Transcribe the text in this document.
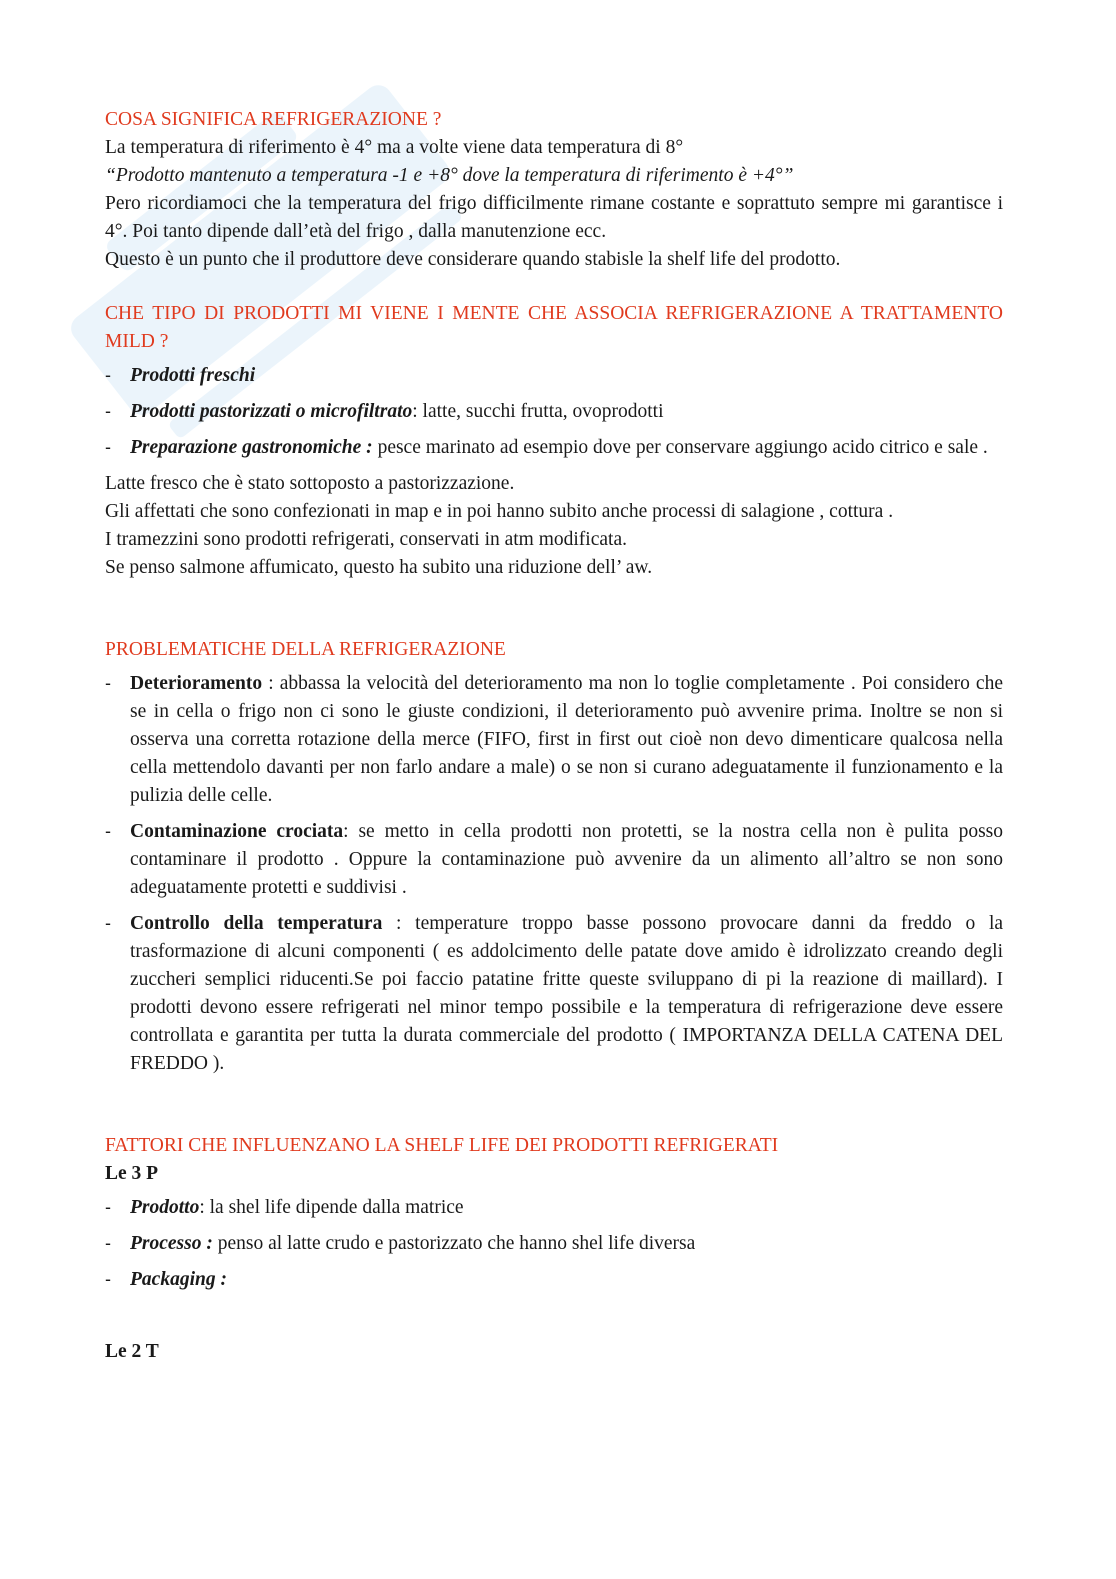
COSA SIGNIFICA REFRIGERAZIONE ?

La temperatura di riferimento è 4° ma a volte viene data temperatura di 8°

“Prodotto mantenuto a temperatura -1 e +8° dove la temperatura di riferimento è +4°”

Pero ricordiamoci che la temperatura del frigo difficilmente rimane costante e soprattuto sempre mi garantisce i 4°. Poi tanto dipende dall’età del frigo , dalla manutenzione ecc.

Questo è un punto che il produttore deve considerare quando stabisle la shelf life del prodotto.

CHE TIPO DI PRODOTTI MI VIENE I MENTE CHE ASSOCIA REFRIGERAZIONE A TRATTAMENTO MILD ?

- Prodotti freschi
- Prodotti pastorizzati o microfiltrato: latte, succhi frutta, ovoprodotti
- Preparazione gastronomiche : pesce marinato ad esempio dove per conservare aggiungo acido citrico e sale .

Latte fresco che è stato sottoposto a pastorizzazione.

Gli affettati che sono confezionati in map e in poi hanno subito anche processi di salagione , cottura .

I tramezzini sono prodotti refrigerati, conservati in atm modificata.

Se penso salmone affumicato, questo ha subito una riduzione dell’ aw.

PROBLEMATICHE DELLA REFRIGERAZIONE

- Deterioramento : abbassa la velocità del deterioramento ma non lo toglie completamente . Poi considero che se in cella o frigo non ci sono le giuste condizioni, il deterioramento può avvenire prima. Inoltre se non si osserva una corretta rotazione della merce (FIFO, first in first out cioè non devo dimenticare qualcosa nella cella mettendolo davanti per non farlo andare a male) o se non si curano adeguatamente il funzionamento e la pulizia delle celle.
- Contaminazione crociata: se metto in cella prodotti non protetti, se la nostra cella non è pulita posso contaminare il prodotto . Oppure la contaminazione può avvenire da un alimento all’altro se non sono adeguatamente protetti e suddivisi .
- Controllo della temperatura : temperature troppo basse possono provocare danni da freddo o la trasformazione di alcuni componenti ( es addolcimento delle patate dove amido è idrolizzato creando degli zuccheri semplici riducenti.Se poi faccio patatine fritte queste sviluppano di pi la reazione di maillard). I prodotti devono essere refrigerati nel minor tempo possibile e la temperatura di refrigerazione deve essere controllata e garantita per tutta la durata commerciale del prodotto ( IMPORTANZA DELLA CATENA DEL FREDDO ).

FATTORI CHE INFLUENZANO LA SHELF LIFE DEI PRODOTTI REFRIGERATI

Le 3 P

- Prodotto: la shel life dipende dalla matrice
- Processo : penso al latte crudo e pastorizzato che hanno shel life diversa
- Packaging :

Le 2 T
